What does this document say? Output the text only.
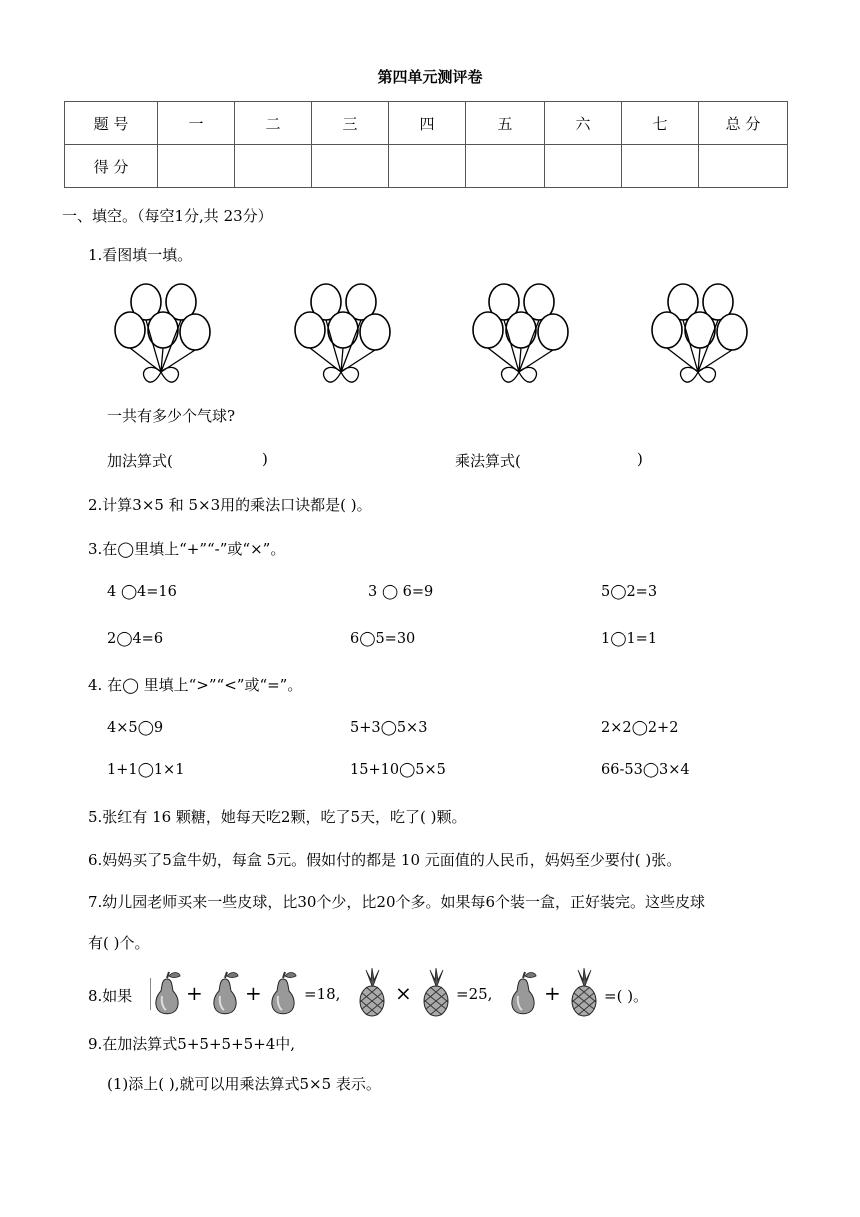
第四单元测评卷
题 号	一	二	三	四	五	六	七	总 分
得 分								
一、填空。（每空1分,共 23分）
1.看图填一填。
一共有多少个气球?
加法算式(	)	乘法算式(	)
2.计算3×5 和 5×3用的乘法口诀都是( )。
3.在◯里填上“+”“-”或“×”。
4 ◯4=16	3 ◯ 6=9	5◯2=3
2◯4=6	6◯5=30	1◯1=1
4. 在◯ 里填上“>”“<”或“=”。
4×5◯9	5+3◯5×3	2×2◯2+2
1+1◯1×1	15+10◯5×5	66-53◯3×4
5.张红有 16 颗糖，她每天吃2颗，吃了5天，吃了( )颗。
6.妈妈买了5盒牛奶，每盒 5元。假如付的都是 10 元面值的人民币，妈妈至少要付( )张。
7.幼儿园老师买来一些皮球，比30个少，比20个多。如果每6个装一盒，正好装完。这些皮球
有( )个。
8.如果	+ +	=18,	×	=25,	+	=( )。
9.在加法算式5+5+5+5+4中,
(1)添上( ),就可以用乘法算式5×5 表示。
